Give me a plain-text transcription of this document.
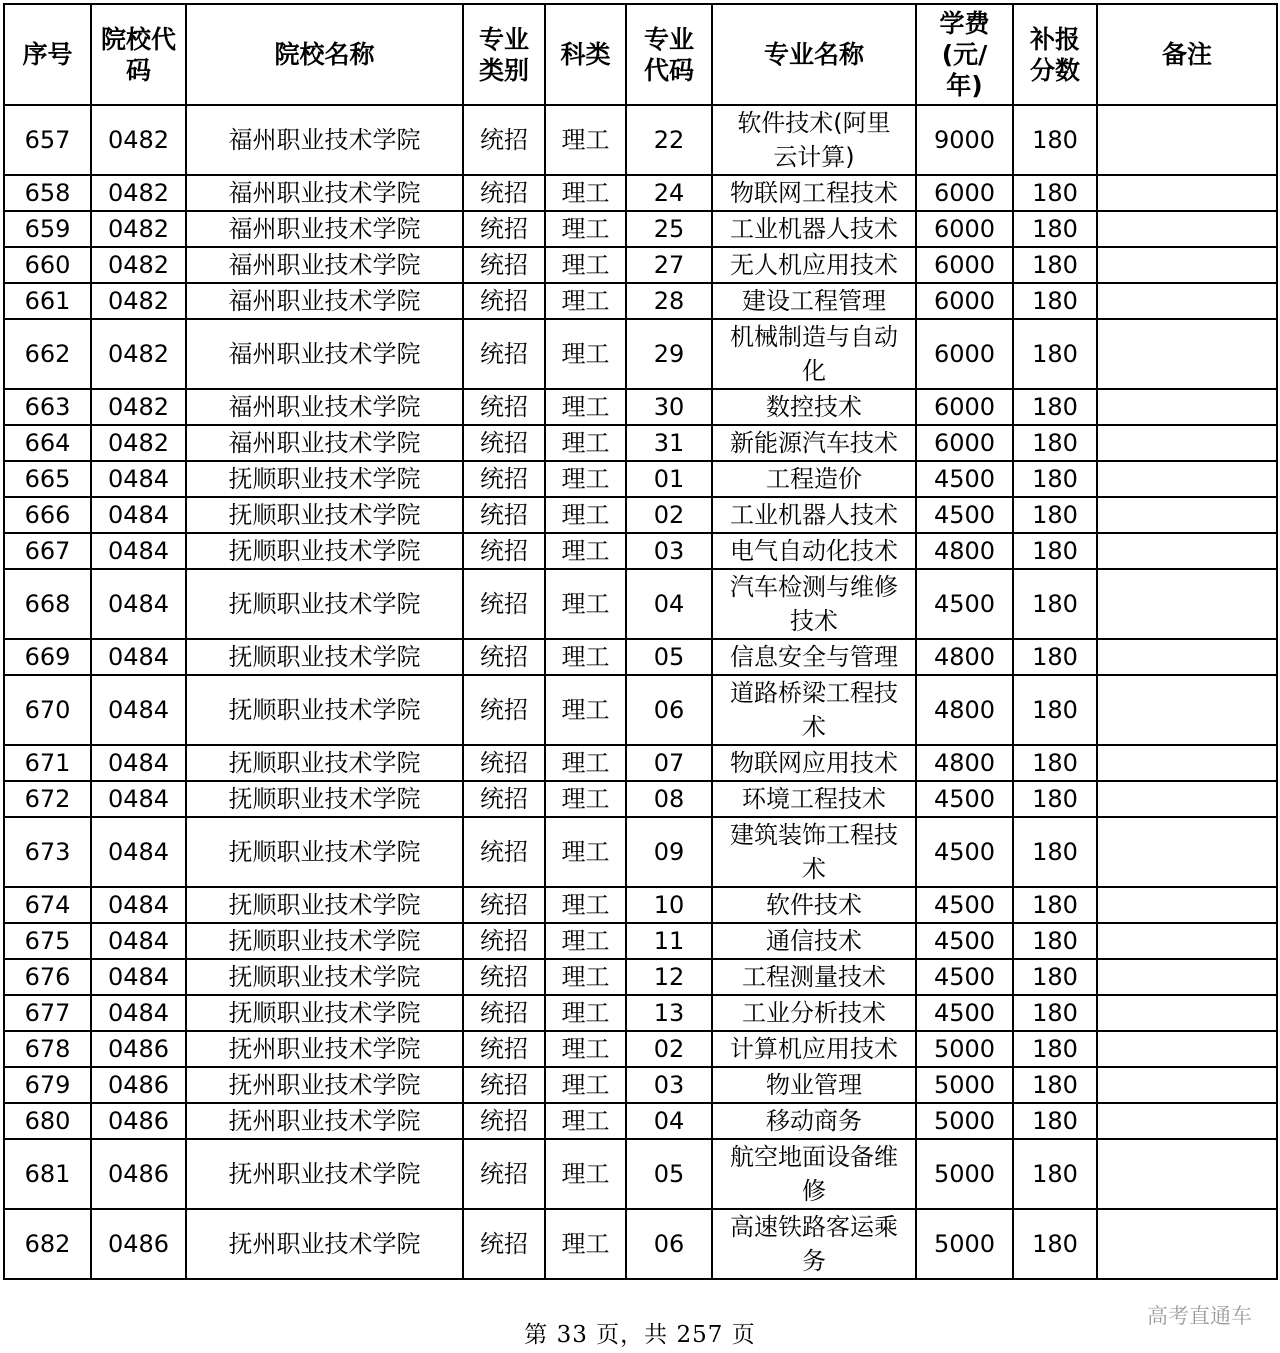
序号	院校代
码	院校名称	专业
类别	科类	专业
代码	专业名称	学费
(元/
年)	补报
分数	备注
657	0482	福州职业技术学院	统招	理工	22	软件技术(阿里
云计算)	9000	180	
658	0482	福州职业技术学院	统招	理工	24	物联网工程技术	6000	180	
659	0482	福州职业技术学院	统招	理工	25	工业机器人技术	6000	180	
660	0482	福州职业技术学院	统招	理工	27	无人机应用技术	6000	180	
661	0482	福州职业技术学院	统招	理工	28	建设工程管理	6000	180	
662	0482	福州职业技术学院	统招	理工	29	机械制造与自动
化	6000	180	
663	0482	福州职业技术学院	统招	理工	30	数控技术	6000	180	
664	0482	福州职业技术学院	统招	理工	31	新能源汽车技术	6000	180	
665	0484	抚顺职业技术学院	统招	理工	01	工程造价	4500	180	
666	0484	抚顺职业技术学院	统招	理工	02	工业机器人技术	4500	180	
667	0484	抚顺职业技术学院	统招	理工	03	电气自动化技术	4800	180	
668	0484	抚顺职业技术学院	统招	理工	04	汽车检测与维修
技术	4500	180	
669	0484	抚顺职业技术学院	统招	理工	05	信息安全与管理	4800	180	
670	0484	抚顺职业技术学院	统招	理工	06	道路桥梁工程技
术	4800	180	
671	0484	抚顺职业技术学院	统招	理工	07	物联网应用技术	4800	180	
672	0484	抚顺职业技术学院	统招	理工	08	环境工程技术	4500	180	
673	0484	抚顺职业技术学院	统招	理工	09	建筑装饰工程技
术	4500	180	
674	0484	抚顺职业技术学院	统招	理工	10	软件技术	4500	180	
675	0484	抚顺职业技术学院	统招	理工	11	通信技术	4500	180	
676	0484	抚顺职业技术学院	统招	理工	12	工程测量技术	4500	180	
677	0484	抚顺职业技术学院	统招	理工	13	工业分析技术	4500	180	
678	0486	抚州职业技术学院	统招	理工	02	计算机应用技术	5000	180	
679	0486	抚州职业技术学院	统招	理工	03	物业管理	5000	180	
680	0486	抚州职业技术学院	统招	理工	04	移动商务	5000	180	
681	0486	抚州职业技术学院	统招	理工	05	航空地面设备维
修	5000	180	
682	0486	抚州职业技术学院	统招	理工	06	高速铁路客运乘
务	5000	180	
第 33 页，共 257 页
高考直通车
